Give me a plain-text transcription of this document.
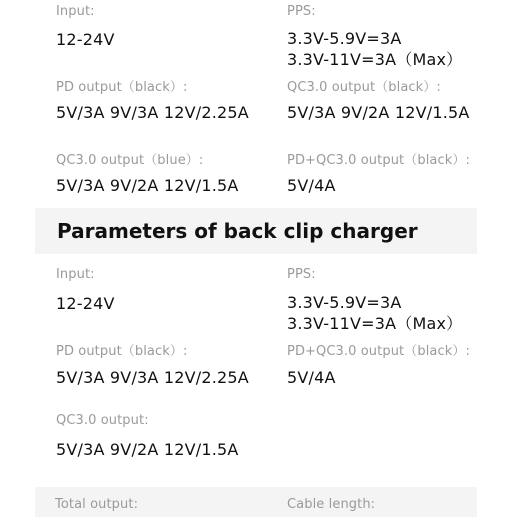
Input:
12-24V
PPS:
3.3V-5.9V=3A
3.3V-11V=3A（Max）
PD output（black）:
5V/3A 9V/3A 12V/2.25A
QC3.0 output（black）:
5V/3A 9V/2A 12V/1.5A
QC3.0 output（blue）:
5V/3A 9V/2A 12V/1.5A
PD+QC3.0 output（black）:
5V/4A
Parameters of back clip charger
Input:
12-24V
PPS:
3.3V-5.9V=3A
3.3V-11V=3A（Max）
PD output（black）:
5V/3A 9V/3A 12V/2.25A
PD+QC3.0 output（black）:
5V/4A
QC3.0 output:
5V/3A 9V/2A 12V/1.5A
Total output:	Cable length:
